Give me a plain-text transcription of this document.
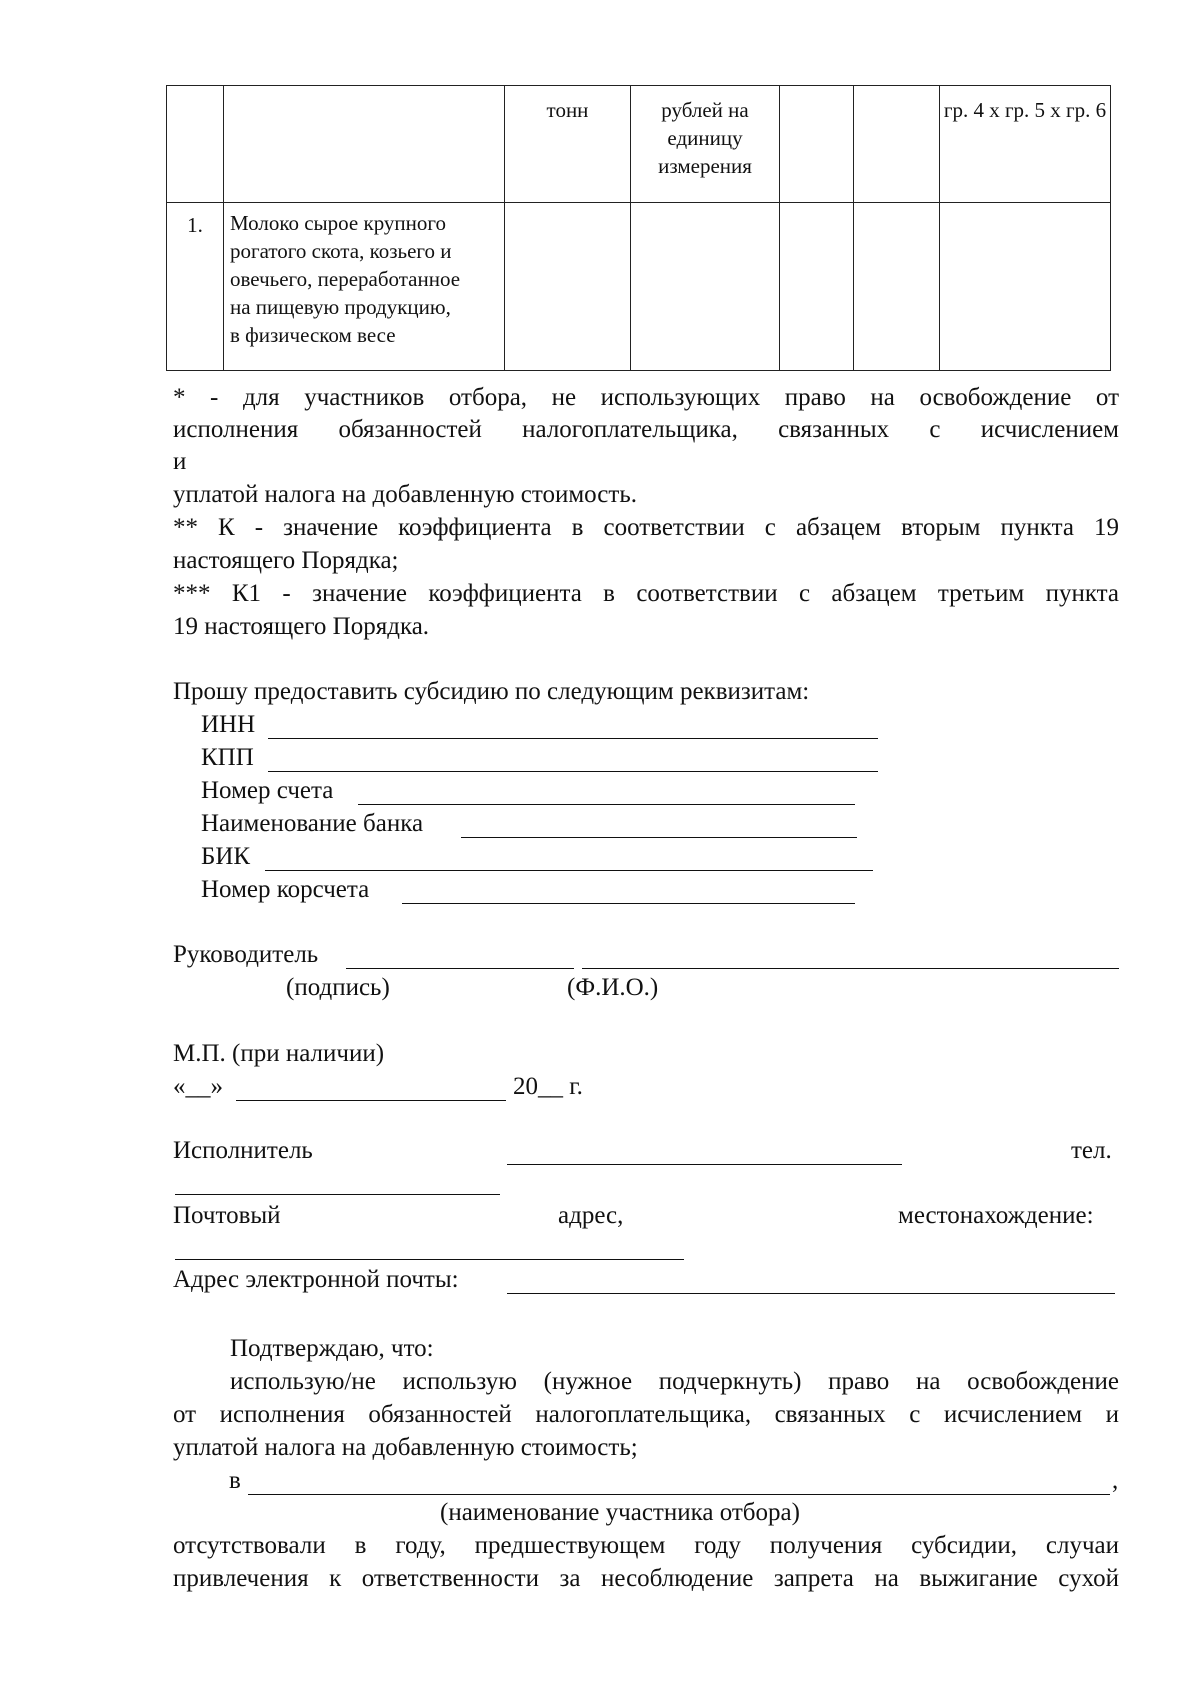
		тонн	рублей на единицу измерения			гр. 4 х гр. 5 х гр. 6
1.	Молоко сырое крупного
рогатого скота, козьего и
овечьего, переработанное
на пищевую продукцию,
в физическом весе					

* - для участников отбора, не использующих право на освобождение от
исполнения обязанностей налогоплательщика, связанных с исчислением
и
уплатой налога на добавленную стоимость.
** К - значение коэффициента в соответствии с абзацем вторым пункта 19
настоящего Порядка;
*** К1 - значение коэффициента в соответствии с абзацем третьим пункта
19 настоящего Порядка.
Прошу предоставить субсидию по следующим реквизитам:
ИНН
КПП
Номер счета
Наименование банка
БИК
Номер корсчета
Руководитель
(подпись)	(Ф.И.О.)
М.П. (при наличии)
«__»	20__ г.
Исполнитель	тел.
Почтовый	адрес,	местонахождение:
Адрес электронной почты:
Подтверждаю, что:
использую/не использую (нужное подчеркнуть) право на освобождение
от исполнения обязанностей налогоплательщика, связанных с исчислением и
уплатой налога на добавленную стоимость;
в	,
(наименование участника отбора)
отсутствовали в году, предшествующем году получения субсидии, случаи
привлечения к ответственности за несоблюдение запрета на выжигание сухой
